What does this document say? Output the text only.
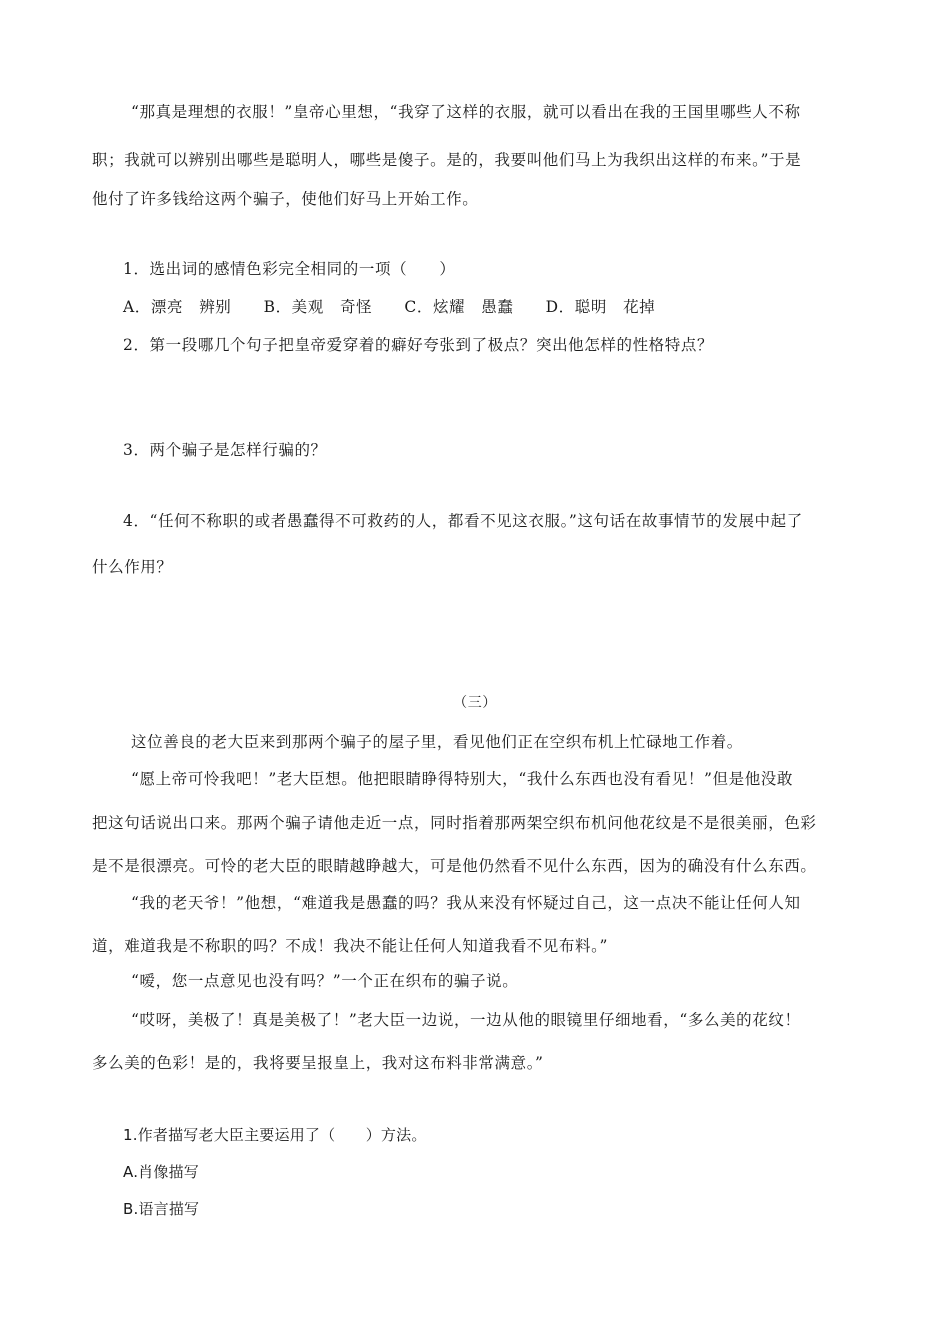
“那真是理想的衣服！”皇帝心里想，“我穿了这样的衣服，就可以看出在我的王国里哪些人不称
职；我就可以辨别出哪些是聪明人，哪些是傻子。是的，我要叫他们马上为我织出这样的布来。”于是
他付了许多钱给这两个骗子，使他们好马上开始工作。
1．选出词的感情色彩完全相同的一项（　　）
A．漂亮　辨别　　B．美观　奇怪　　C．炫耀　愚蠢　　D．聪明　花掉
2．第一段哪几个句子把皇帝爱穿着的癖好夸张到了极点？突出他怎样的性格特点？
3．两个骗子是怎样行骗的？
4．“任何不称职的或者愚蠢得不可救药的人，都看不见这衣服。”这句话在故事情节的发展中起了
什么作用？
（三）
这位善良的老大臣来到那两个骗子的屋子里，看见他们正在空织布机上忙碌地工作着。
“愿上帝可怜我吧！”老大臣想。他把眼睛睁得特别大，“我什么东西也没有看见！”但是他没敢
把这句话说出口来。那两个骗子请他走近一点，同时指着那两架空织布机问他花纹是不是很美丽，色彩
是不是很漂亮。可怜的老大臣的眼睛越睁越大，可是他仍然看不见什么东西，因为的确没有什么东西。
“我的老天爷！”他想，“难道我是愚蠢的吗？我从来没有怀疑过自己，这一点决不能让任何人知
道，难道我是不称职的吗？不成！我决不能让任何人知道我看不见布料。”
“嗳，您一点意见也没有吗？”一个正在织布的骗子说。
“哎呀，美极了！真是美极了！”老大臣一边说，一边从他的眼镜里仔细地看，“多么美的花纹！
多么美的色彩！是的，我将要呈报皇上，我对这布料非常满意。”
1.作者描写老大臣主要运用了（　　）方法。
A.肖像描写
B.语言描写
